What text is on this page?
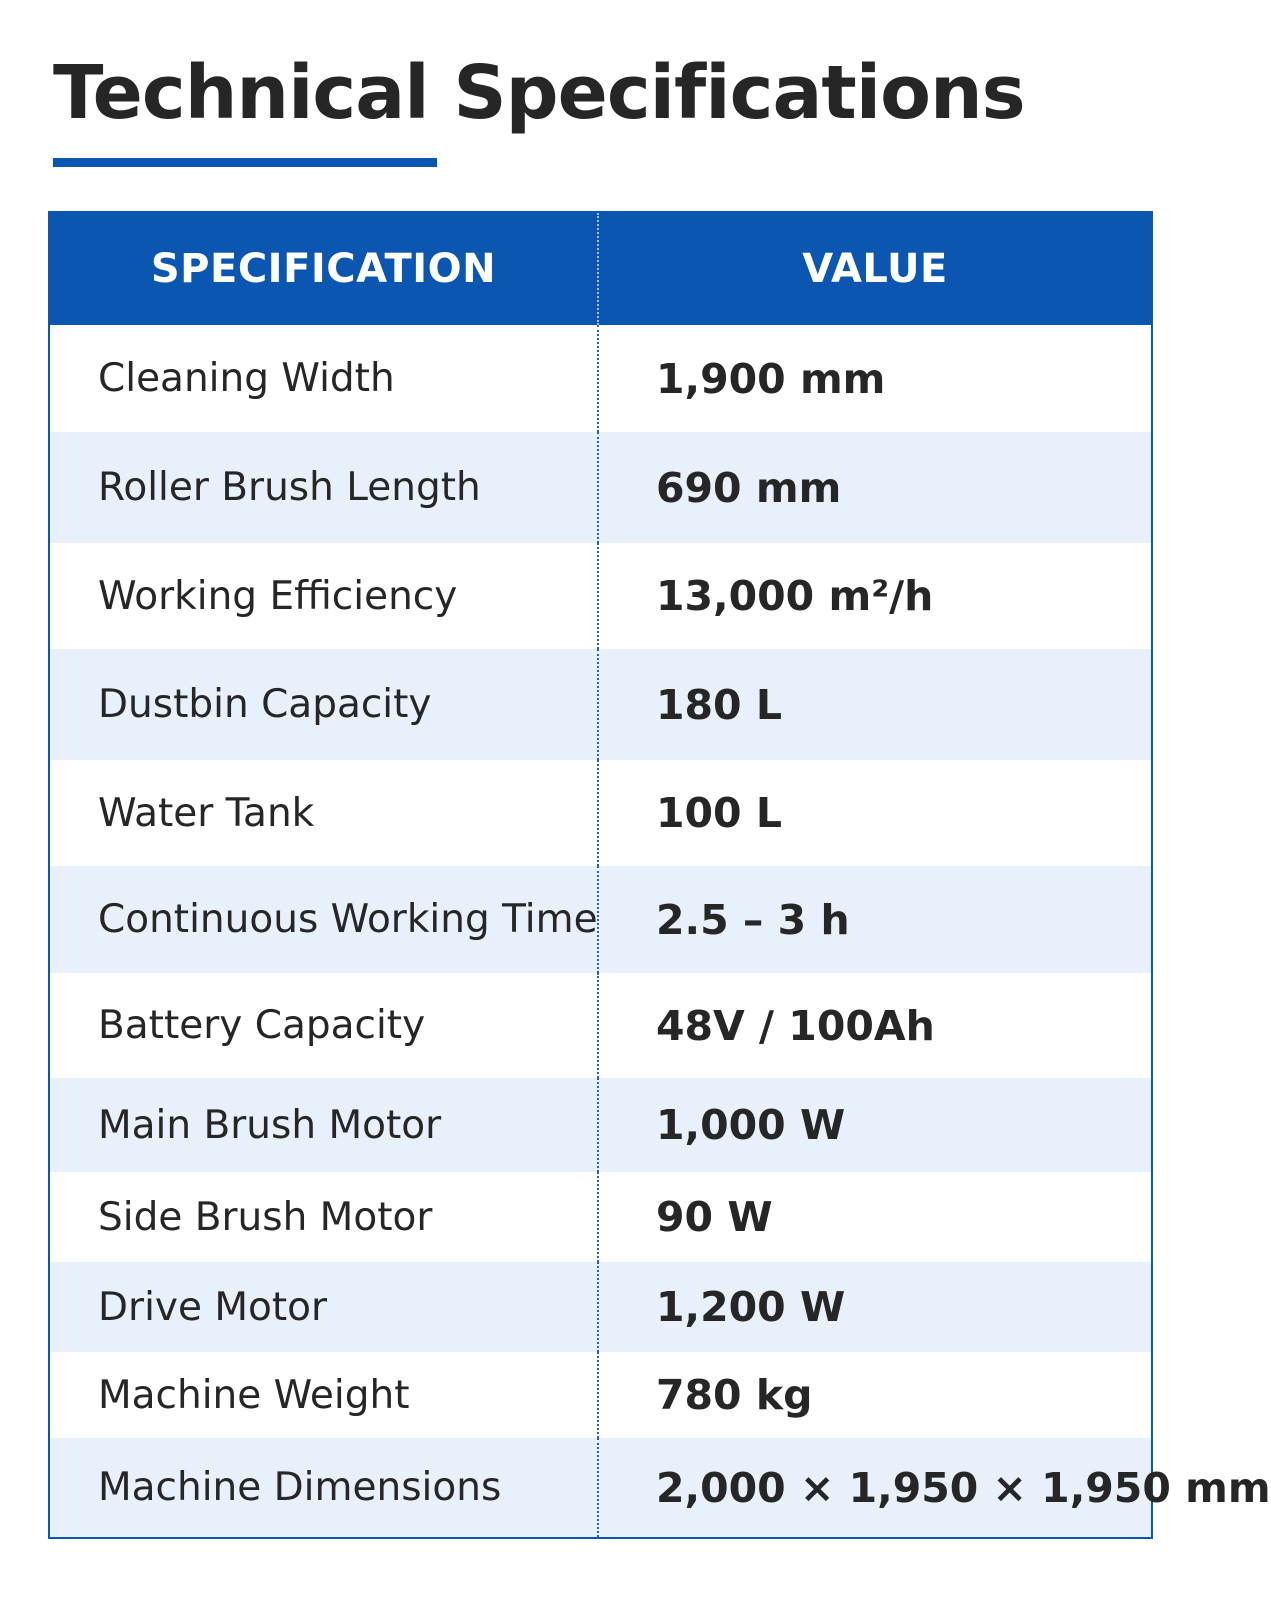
Technical Specifications
SPECIFICATION	VALUE
Cleaning Width	1,900 mm
Roller Brush Length	690 mm
Working Efficiency	13,000 m²/h
Dustbin Capacity	180 L
Water Tank	100 L
Continuous Working Time	2.5 – 3 h
Battery Capacity	48V / 100Ah
Main Brush Motor	1,000 W
Side Brush Motor	90 W
Drive Motor	1,200 W
Machine Weight	780 kg
Machine Dimensions	2,000 × 1,950 × 1,950 mm
